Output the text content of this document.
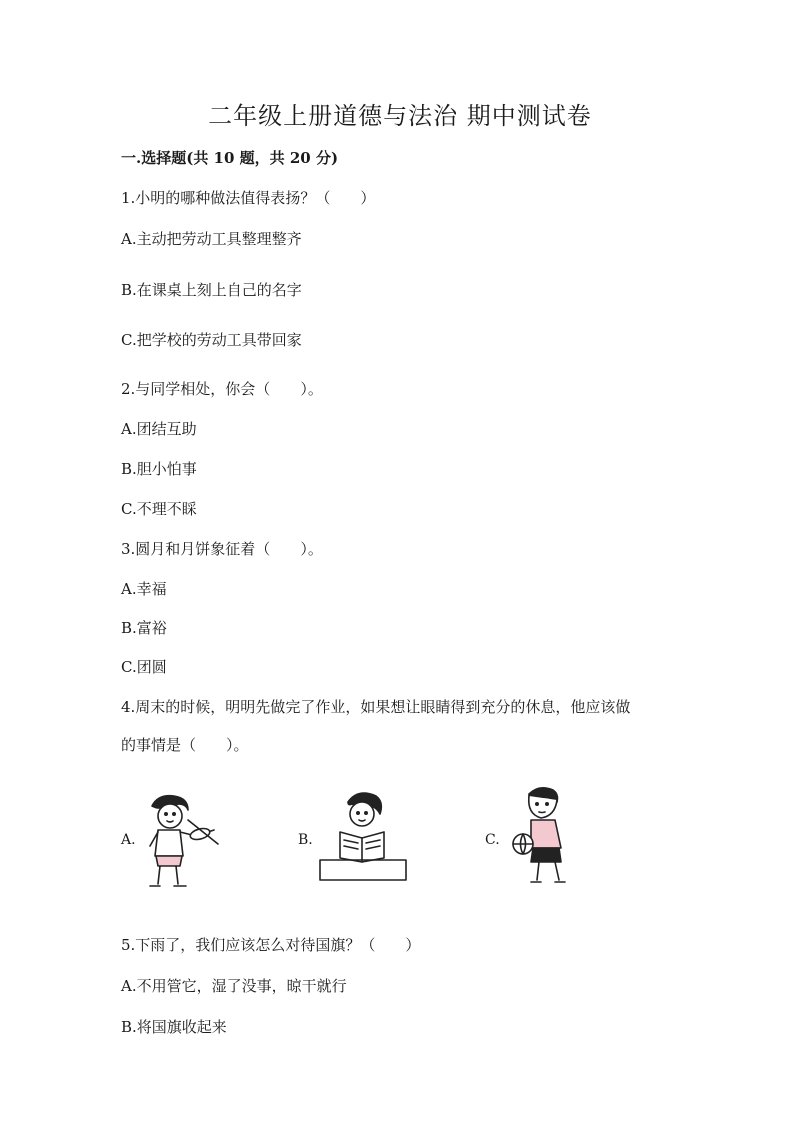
二年级上册道德与法治 期中测试卷
一.选择题(共 10 题，共 20 分)
1.小明的哪种做法值得表扬？（　　）
A.主动把劳动工具整理整齐
B.在课桌上刻上自己的名字
C.把学校的劳动工具带回家
2.与同学相处，你会（　　）。
A.团结互助
B.胆小怕事
C.不理不睬
3.圆月和月饼象征着（　　）。
A.幸福
B.富裕
C.团圆
4.周末的时候，明明先做完了作业，如果想让眼睛得到充分的休息，他应该做
的事情是（　　）。
A.	B.	C.
5.下雨了，我们应该怎么对待国旗？（　　）
A.不用管它，湿了没事，晾干就行
B.将国旗收起来
